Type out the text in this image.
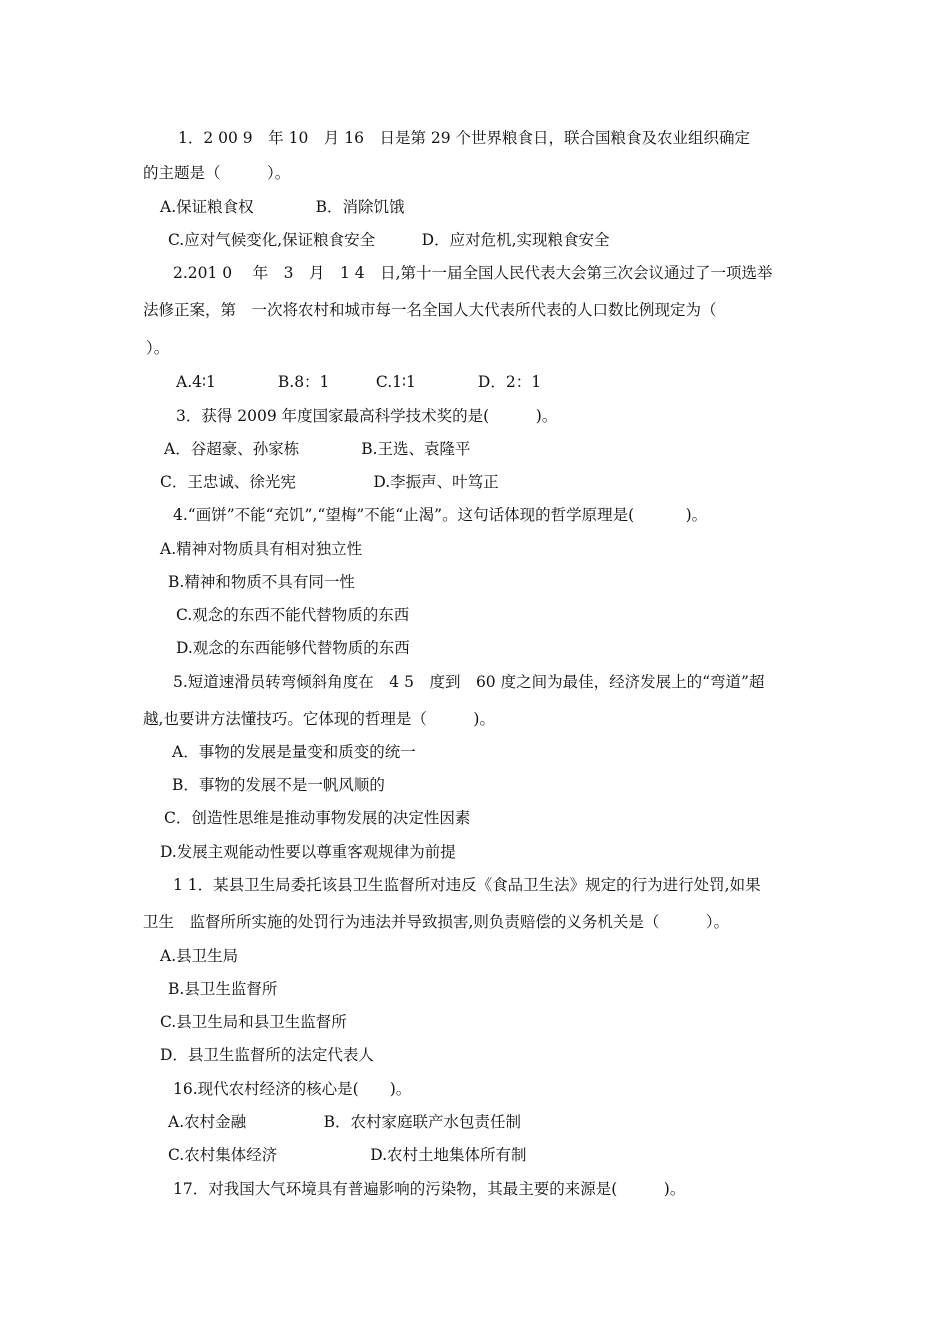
1．2 00 9　年 10　月 16　日是第 29 个世界粮食日，联合国粮食及农业组织确定
的主题是（　　　）。
A.保证粮食权　　　　B．消除饥饿
C.应对气候变化,保证粮食安全　　　D．应对危机,实现粮食安全
2.201 0　 年　3　月　1 4　日,第十一届全国人民代表大会第三次会议通过了一项选举
法修正案，第　一次将农村和城市每一名全国人大代表所代表的人口数比例现定为（
）。
A.4∶1　　　　B.8：1　　　C.1∶1　　　　D．2：1
3．获得 2009 年度国家最高科学技术奖的是(　　　)。
A．谷超豪、孙家栋　　　　B.王选、袁隆平
C．王忠诚、徐光宪　　　　　D.李振声、叶笃正
4.“画饼”不能“充饥”,“望梅”不能“止渴”。这句话体现的哲学原理是(　　　 )。
A.精神对物质具有相对独立性
B.精神和物质不具有同一性
C.观念的东西不能代替物质的东西
D.观念的东西能够代替物质的东西
5.短道速滑员转弯倾斜角度在　4 5　度到　60 度之间为最佳，经济发展上的“弯道”超
越,也要讲方法懂技巧。它体现的哲理是（　　　)。
A．事物的发展是量变和质变的统一
B．事物的发展不是一帆风顺的
C．创造性思维是推动事物发展的决定性因素
D.发展主观能动性要以尊重客观规律为前提
1 1．某县卫生局委托该县卫生监督所对违反《食品卫生法》规定的行为进行处罚,如果
卫生　监督所所实施的处罚行为违法并导致损害,则负责赔偿的义务机关是（　　　）。
A.县卫生局
B.县卫生监督所
C.县卫生局和县卫生监督所
D．县卫生监督所的法定代表人
16.现代农村经济的核心是(　　)。
A.农村金融　　　　　B．农村家庭联产水包责任制
C.农村集体经济　　　　　　D.农村土地集体所有制
17．对我国大气环境具有普遍影响的污染物，其最主要的来源是(　　　)。
